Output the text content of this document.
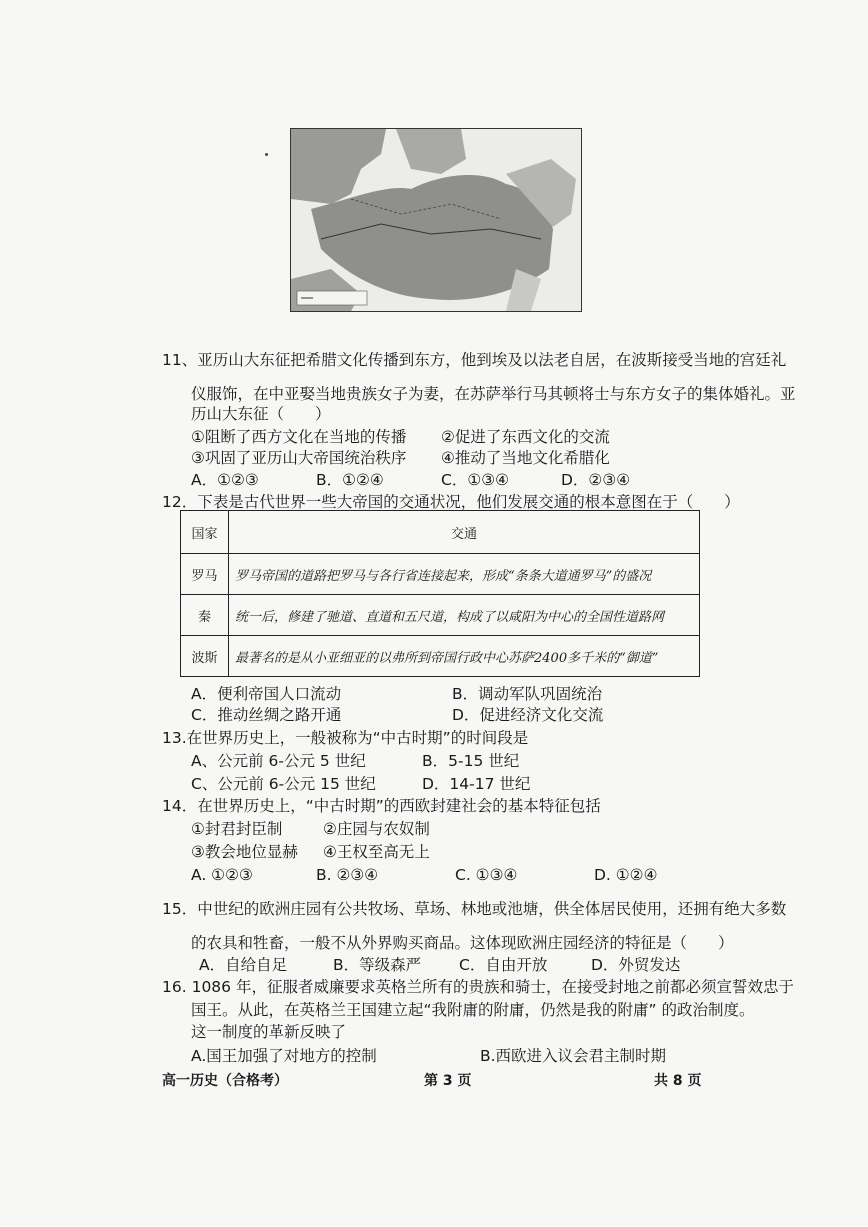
11、亚历山大东征把希腊文化传播到东方，他到埃及以法老自居，在波斯接受当地的宫廷礼
仪服饰，在中亚娶当地贵族女子为妻，在苏萨举行马其顿将士与东方女子的集体婚礼。亚
历山大东征（　　）
①阻断了西方文化在当地的传播 ②促进了东西文化的交流
③巩固了亚历山大帝国统治秩序 ④推动了当地文化希腊化
A．①②③	B．①②④	C．①③④	D．②③④
12．下表是古代世界一些大帝国的交通状况，他们发展交通的根本意图在于（　　）
国家	交通
罗马	罗马帝国的道路把罗马与各行省连接起来，形成“条条大道通罗马”的盛况
秦	统一后，修建了驰道、直道和五尺道，构成了以咸阳为中心的全国性道路网
波斯	最著名的是从小亚细亚的以弗所到帝国行政中心苏萨2400多千米的“御道”
A．便利帝国人口流动	B．调动军队巩固统治
C．推动丝绸之路开通	D．促进经济文化交流
13.在世界历史上，一般被称为“中古时期”的时间段是
A、公元前 6-公元 5 世纪	B．5-15 世纪
C、公元前 6-公元 15 世纪	D．14-17 世纪
14．在世界历史上，“中古时期”的西欧封建社会的基本特征包括
①封君封臣制	②庄园与农奴制
③教会地位显赫 ④王权至高无上
A. ①②③	B. ②③④	C. ①③④	D. ①②④
15．中世纪的欧洲庄园有公共牧场、草场、林地或池塘，供全体居民使用，还拥有绝大多数
的农具和牲畜，一般不从外界购买商品。这体现欧洲庄园经济的特征是（　　）
A．自给自足	B．等级森严 C．自由开放	D．外贸发达
16. 1086 年，征服者威廉要求英格兰所有的贵族和骑士，在接受封地之前都必须宣誓效忠于
国王。从此，在英格兰王国建立起“我附庸的附庸，仍然是我的附庸” 的政治制度。
这一制度的革新反映了
A.国王加强了对地方的控制	B.西欧进入议会君主制时期
高一历史（合格考）	第 3 页	共 8 页
